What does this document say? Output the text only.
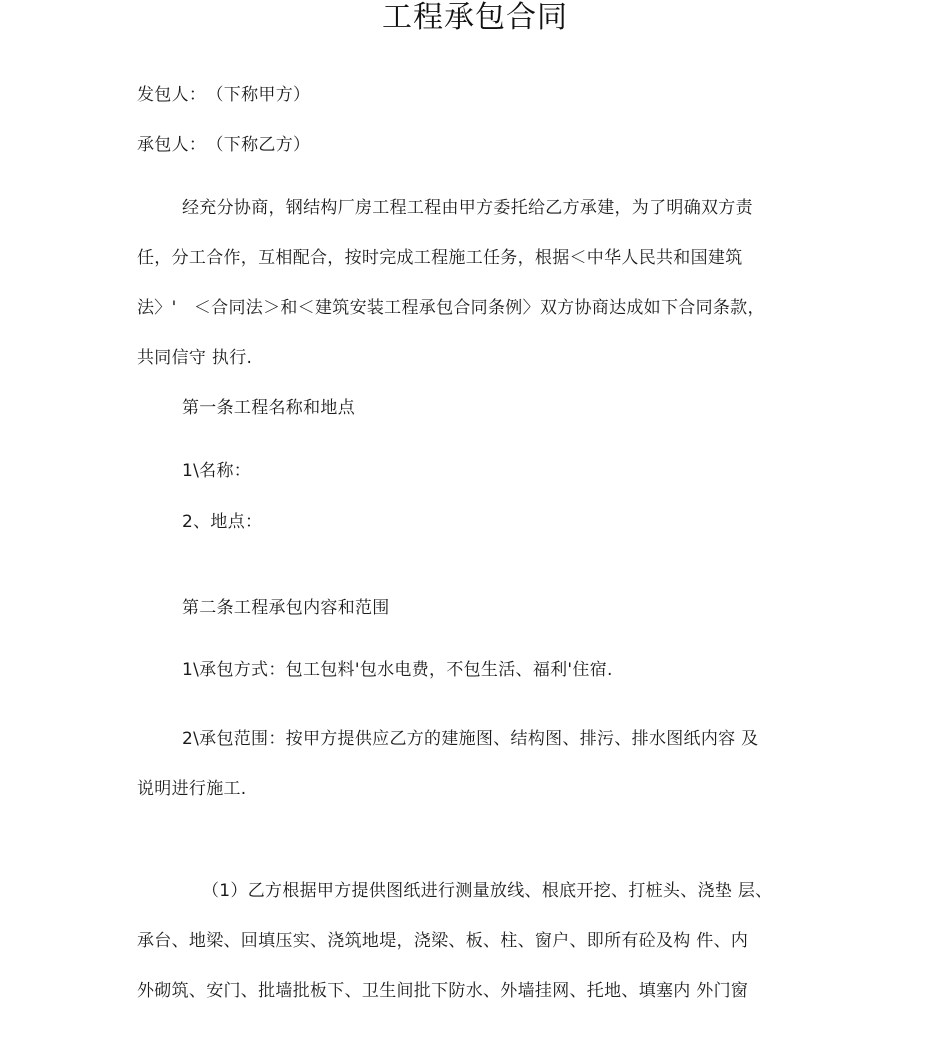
工程承包合同
发包人：　（下称甲方）
承包人：　（下称乙方）
经充分协商，钢结构厂房工程工程由甲方委托给乙方承建，为了明确双方责
任，分工合作，互相配合，按时完成工程施工任务，根据＜中华人民共和国建筑
法〉'　＜合同法＞和＜建筑安装工程承包合同条例〉双方协商达成如下合同条款，
共同信守 执行.
第一条工程名称和地点
1\名称：
2、地点：
第二条工程承包内容和范围
1\承包方式：包工包料'包水电费，不包生活、福利'住宿.
2\承包范围：按甲方提供应乙方的建施图、结构图、排污、排水图纸内容 及
说明进行施工.
（1）乙方根据甲方提供图纸进行测量放线、根底开挖、打桩头、浇垫 层、
承台、地梁、回填压实、浇筑地堤，浇梁、板、柱、窗户、即所有砼及构 件、内
外砌筑、安门、批墙批板下、卫生间批下防水、外墙挂网、托地、填塞内 外门窗
